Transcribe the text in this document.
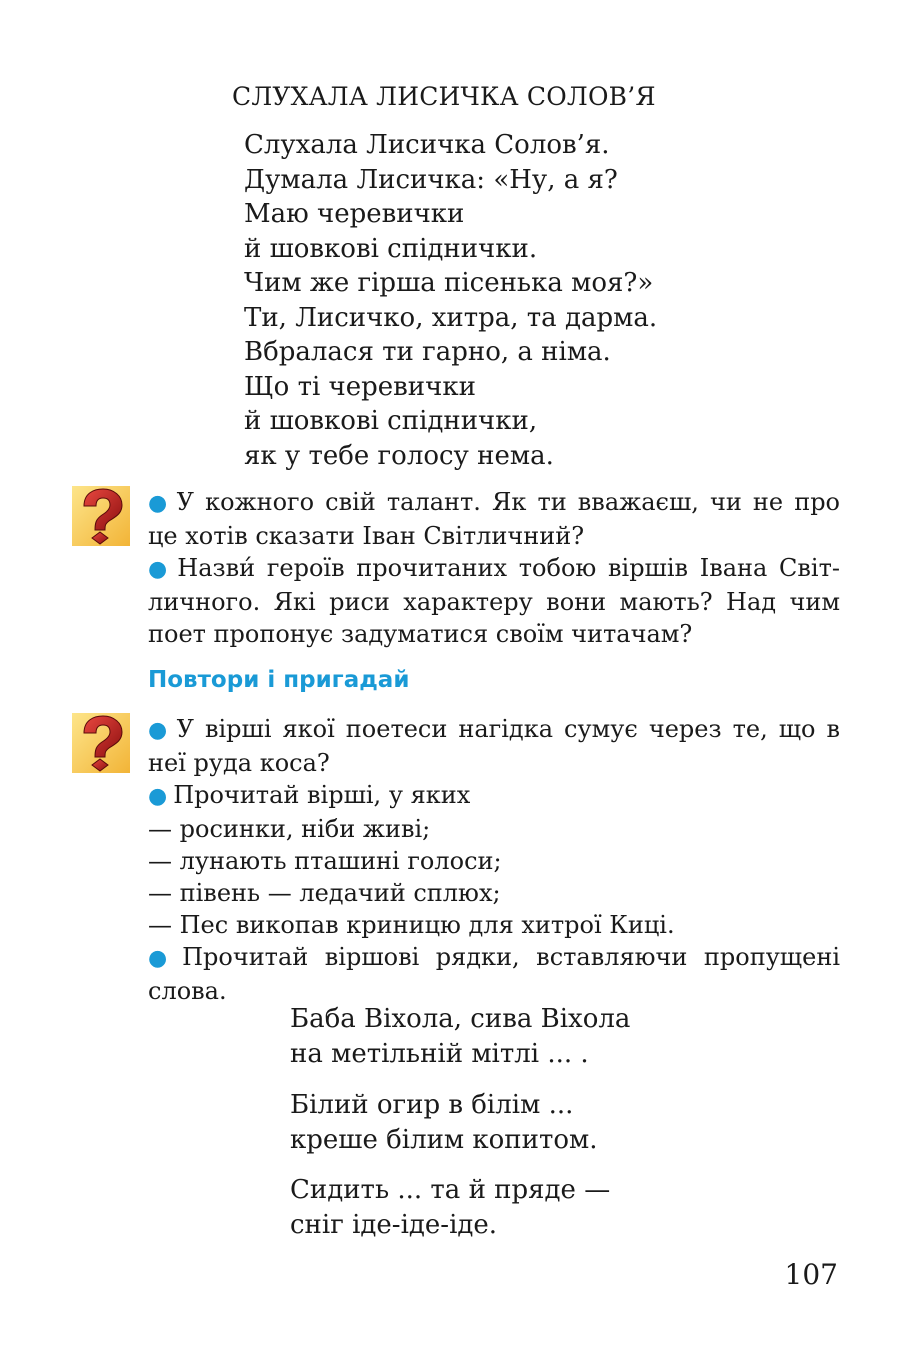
СЛУХАЛА ЛИСИЧКА СОЛОВ’Я
Слухала Лисичка Солов’я.
Думала Лисичка: «Ну, а я?
Маю черевички
й шовкові спіднички.
Чим же гірша пісенька моя?»
Ти, Лисичко, хитра, та дарма.
Вбралася ти гарно, а німа.
Що ті черевички
й шовкові спіднички,
як у тебе голосу нема.

● У кожного свій талант. Як ти вважаєш, чи не про це хотів сказати Іван Світличний?

● Назви́ героїв прочитаних тобою віршів Івана Світличного. Які риси характеру вони мають? Над чим поет пропонує задуматися своїм читачам?

Повтори і пригадай

● У вірші якої поетеси нагідка сумує через те, що в неї руда коса?

● Прочитай вірші, у яких

— росинки, ніби живі;
— лунають пташині голоси;
— півень — ледачий сплюх;
— Пес викопав криницю для хитрої Киці.

● Прочитай віршові рядки, вставляючи пропущені слова.

Баба Віхола, сива Віхола
на метільній мітлі ... .
Білий огир в білім ...
креше білим копитом.
Сидить ... та й пряде —
сніг іде-іде-іде.
107
